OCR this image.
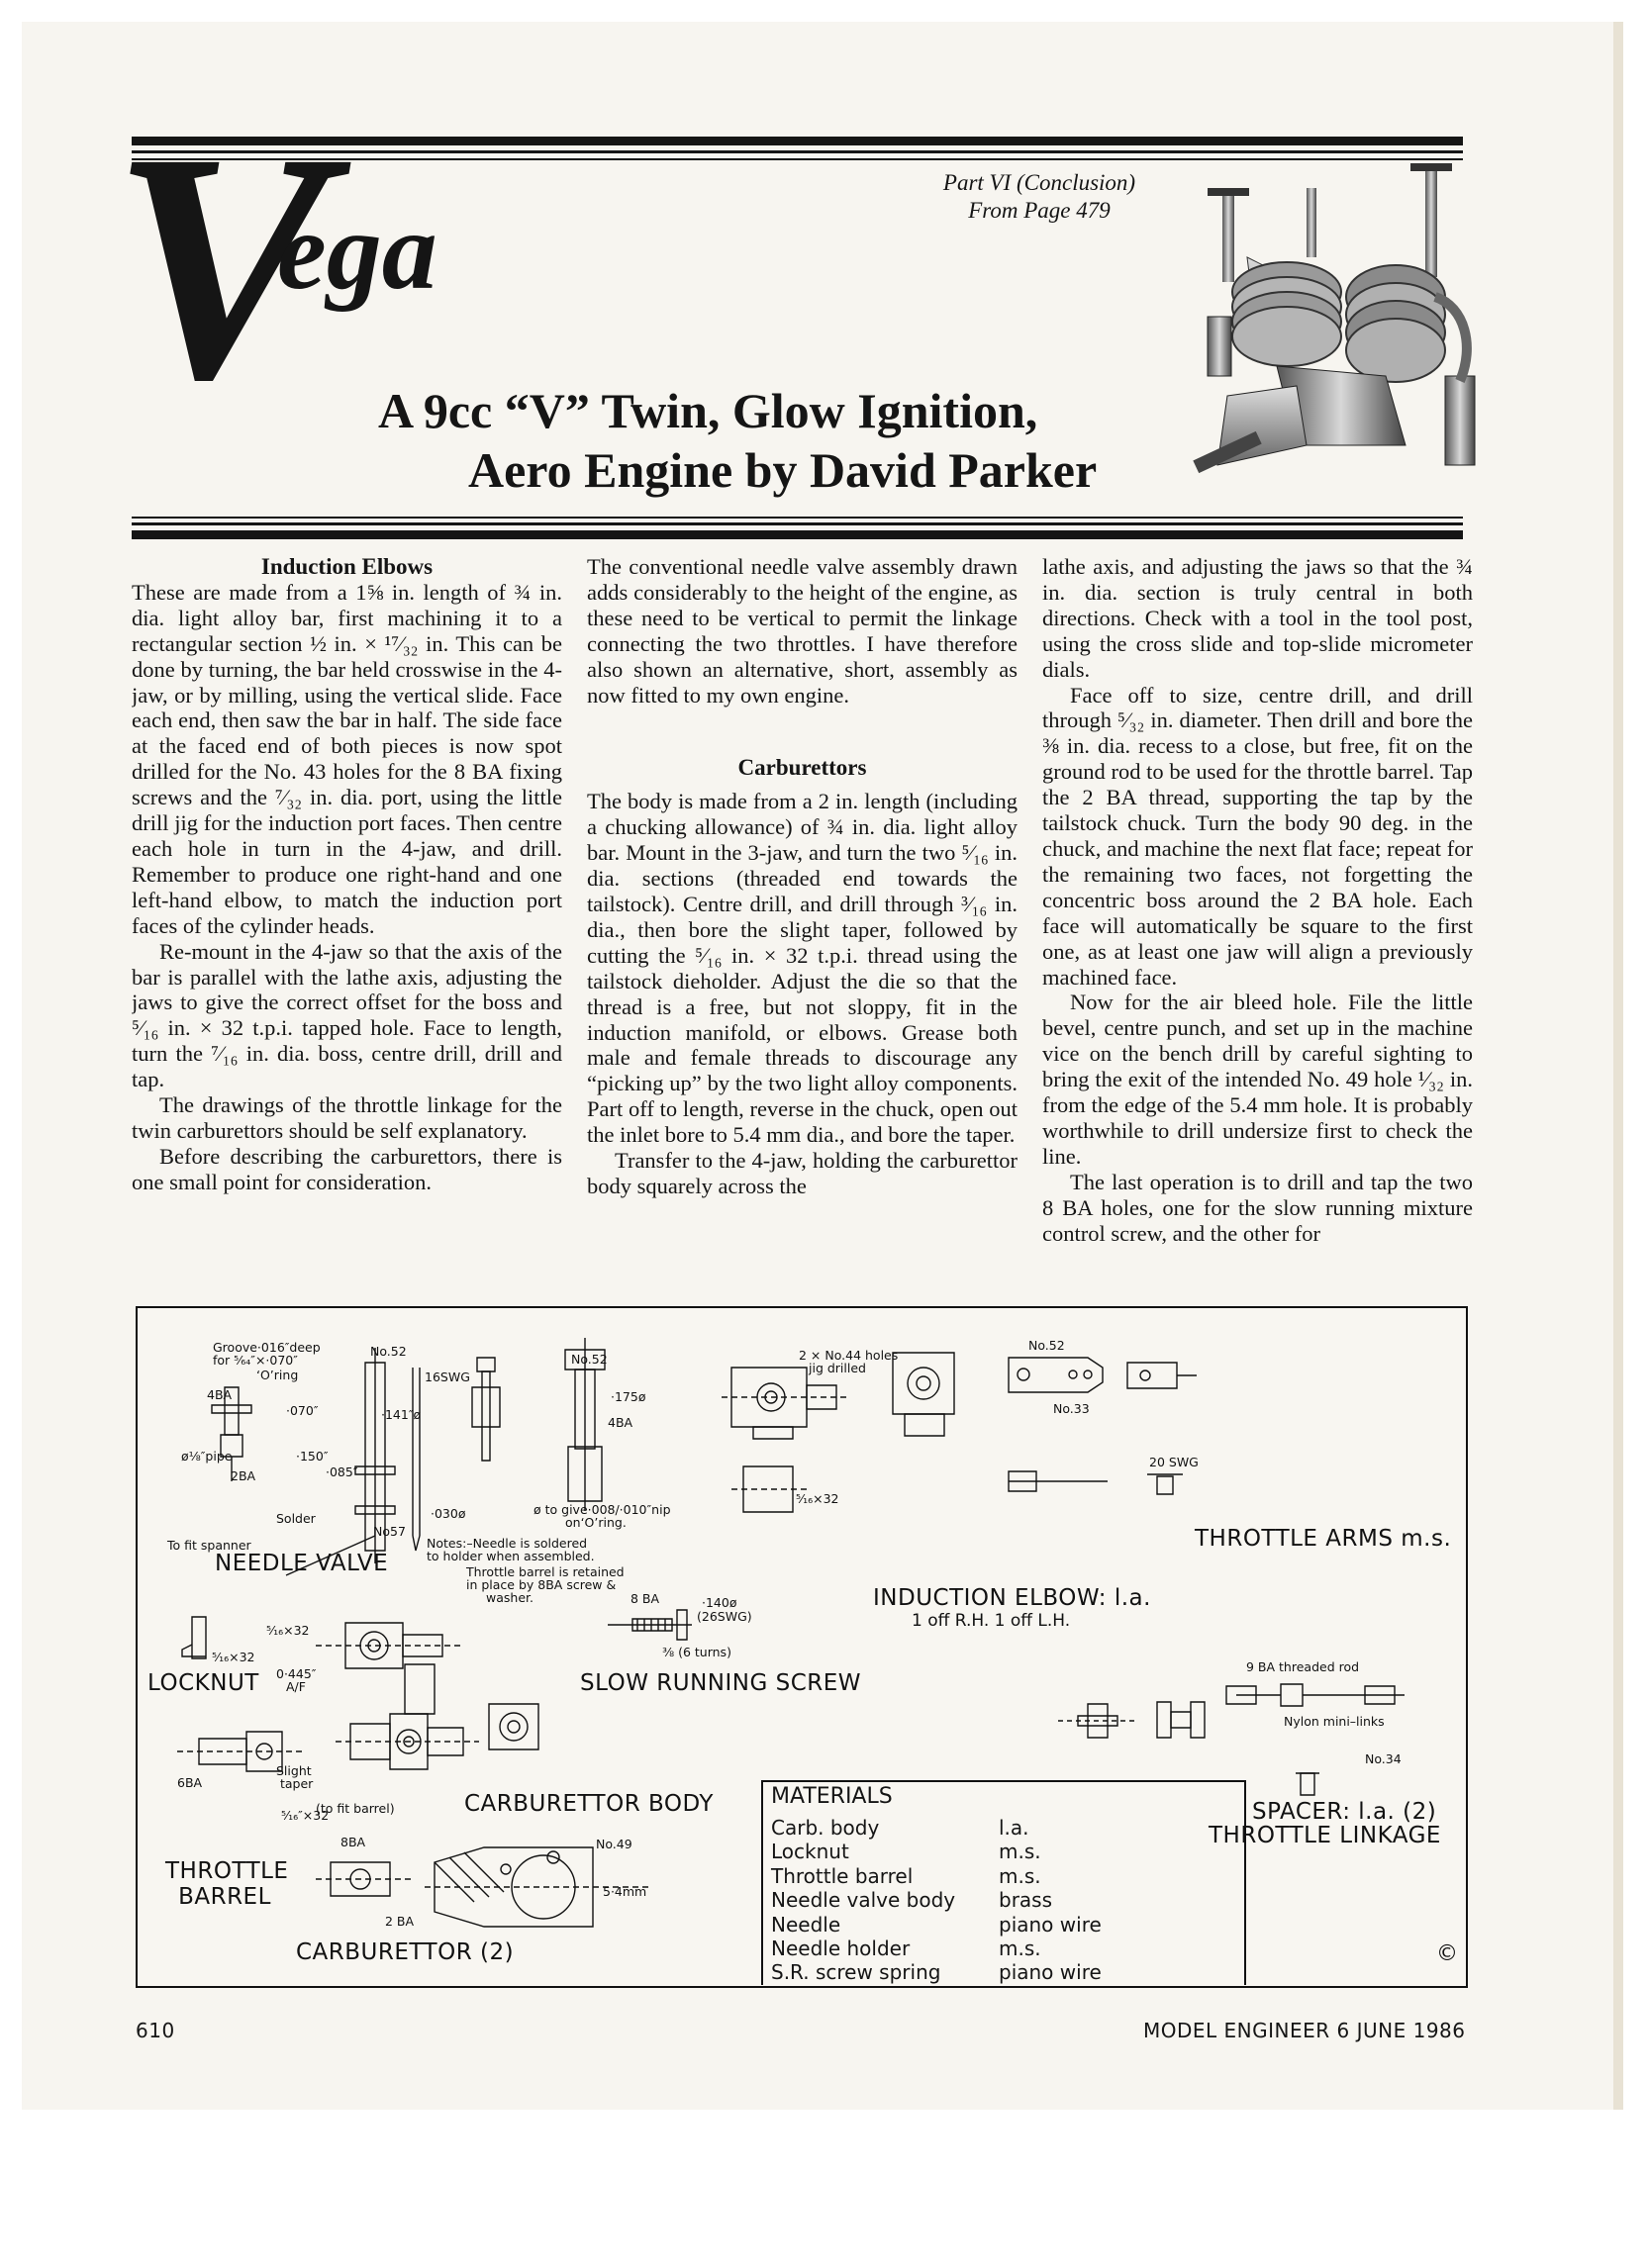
V
ega
Part VI (Conclusion)
From Page 479
A 9cc “V” Twin, Glow Ignition,
Aero Engine by David Parker
Induction Elbows

These are made from a 1⅝ in. length of ¾ in. dia. light alloy bar, first machining it to a rectangular section ½ in. × ¹⁷⁄₃₂ in. This can be done by turning, the bar held crosswise in the 4-jaw, or by milling, using the vertical slide. Face each end, then saw the bar in half. The side face at the faced end of both pieces is now spot drilled for the No. 43 holes for the 8 BA fixing screws and the ⁷⁄₃₂ in. dia. port, using the little drill jig for the induction port faces. Then centre each hole in turn in the 4-jaw, and drill. Remember to produce one right-hand and one left-hand elbow, to match the induction port faces of the cylinder heads.

Re-mount in the 4-jaw so that the axis of the bar is parallel with the lathe axis, adjusting the jaws to give the correct offset for the boss and ⁵⁄₁₆ in. × 32 t.p.i. tapped hole. Face to length, turn the ⁷⁄₁₆ in. dia. boss, centre drill, drill and tap.

The drawings of the throttle linkage for the twin carburettors should be self explanatory.

Before describing the carburettors, there is one small point for consideration.

The conventional needle valve assembly drawn adds considerably to the height of the engine, as these need to be vertical to permit the linkage connecting the two throttles. I have therefore also shown an alternative, short, assembly as now fitted to my own engine.

Carburettors

The body is made from a 2 in. length (including a chucking allowance) of ¾ in. dia. light alloy bar. Mount in the 3-jaw, and turn the two ⁵⁄₁₆ in. dia. sections (threaded end towards the tailstock). Centre drill, and drill through ³⁄₁₆ in. dia., then bore the slight taper, followed by cutting the ⁵⁄₁₆ in. × 32 t.p.i. thread using the tailstock dieholder. Adjust the die so that the thread is a free, but not sloppy, fit in the induction manifold, or elbows. Grease both male and female threads to discourage any “picking up” by the two light alloy components. Part off to length, reverse in the chuck, open out the inlet bore to 5.4 mm dia., and bore the taper.

Transfer to the 4-jaw, holding the carburettor body squarely across the

lathe axis, and adjusting the jaws so that the ¾ in. dia. section is truly central in both directions. Check with a tool in the tool post, using the cross slide and top-slide micrometer dials.

Face off to size, centre drill, and drill through ⁵⁄₃₂ in. diameter. Then drill and bore the ⅜ in. dia. recess to a close, but free, fit on the ground rod to be used for the throttle barrel. Tap the 2 BA thread, supporting the tap by the tailstock chuck. Turn the body 90 deg. in the chuck, and machine the next flat face; repeat for the remaining two faces, not forgetting the concentric boss around the 2 BA hole. Each face will automatically be square to the first one, as at least one jaw will align a previously machined face.

Now for the air bleed hole. File the little bevel, centre punch, and set up in the machine vice on the bench drill by careful sighting to bring the exit of the intended No. 49 hole ¹⁄₃₂ in. from the edge of the 5.4 mm hole. It is probably worthwhile to drill undersize first to check the line.

The last operation is to drill and tap the two 8 BA holes, one for the slow running mixture control screw, and the other for

NEEDLE VALVE
LOCKNUT
THROTTLE BARREL
CARBURETTOR BODY
CARBURETTOR (2)
SLOW RUNNING SCREW
INDUCTION ELBOW: l.a.
1 off R.H. 1 off L.H.
THROTTLE ARMS m.s.
SPACER: l.a. (2)
THROTTLE LINKAGE
Groove·016″deep
for ⁵⁄₆₄″×·070″
‘O’ring
No.52
16SWG
No.52
4BA
4BA
·070″	·141″ø
·175ø
·150″
·085″
·030ø
ø⅛″pipe
2BA
Solder
No57
To fit spanner
ø to give·008/·010″nip
on‘O’ring.
Notes:–Needle is soldered
to holder when assembled.
Throttle barrel is retained
in place by 8BA screw &
washer.
2 × No.44 holes
jig drilled
⁵⁄₁₆×32
⁵⁄₁₆×32
⁵⁄₁₆×32
⁵⁄₁₆″×32
0·445″
A/F
6BA
Slight
taper
(to fit barrel)
8BA
8 BA
No.49
5·4mm
2 BA
·140ø
(26SWG)
⅜ (6 turns)
No.52
No.33
20 SWG
9 BA threaded rod
Nylon mini–links
No.34
©
MATERIALS
Carb. body	l.a.
Locknut	m.s.
Throttle barrel	m.s.
Needle valve body	brass
Needle	piano wire
Needle holder	m.s.
S.R. screw spring	piano wire
610	MODEL ENGINEER 6 JUNE 1986
